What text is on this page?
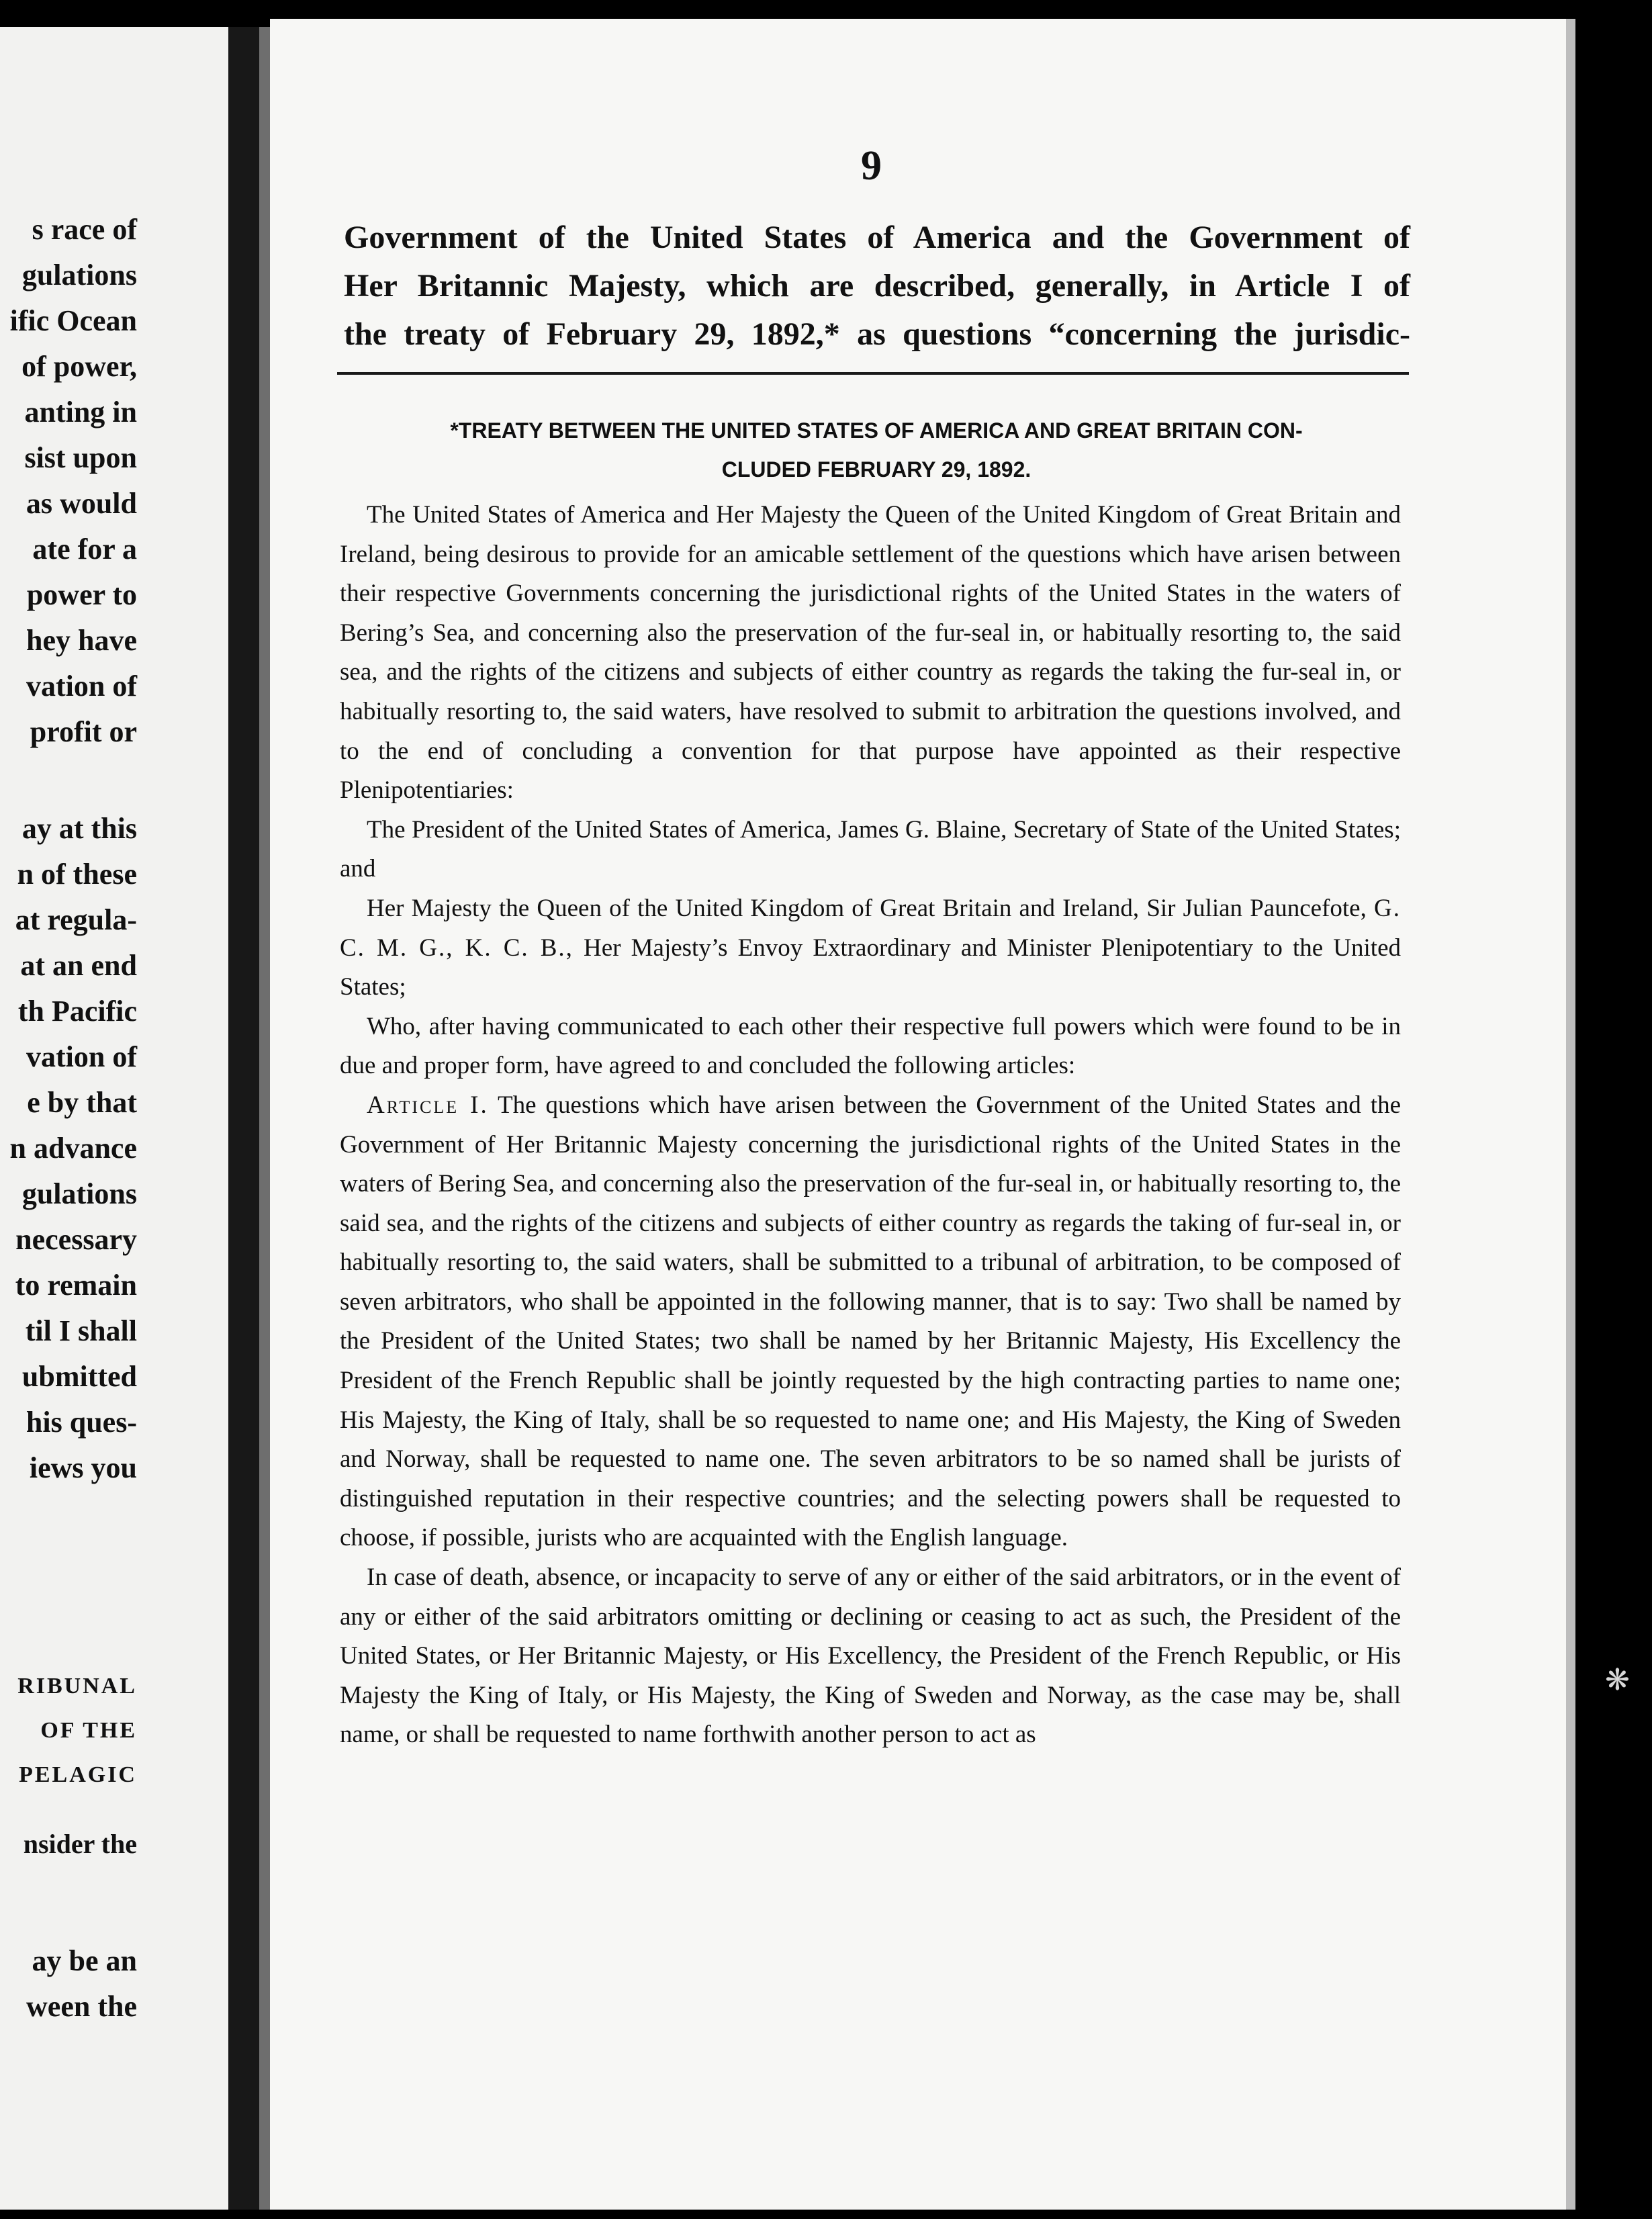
s race of
gulations
ific Ocean
of power,
anting in
sist upon
as would
ate for a
power to
hey have
vation of
profit or
ay at this
n of these
at regula-
at an end
th Pacific
vation of
e by that
n advance
gulations
necessary
to remain
til I shall
ubmitted
his ques-
iews you
RIBUNAL
OF THE
PELAGIC
nsider the
ay be an
ween the
❋
9
Government of the United States of America and the Government of
Her Britannic Majesty, which are described, generally, in Article I of
the treaty of February 29, 1892,* as questions “concerning the jurisdic-
*TREATY BETWEEN THE UNITED STATES OF AMERICA AND GREAT BRITAIN CON-
CLUDED FEBRUARY 29, 1892.

The United States of America and Her Majesty the Queen of the United Kingdom of Great Britain and Ireland, being desirous to provide for an amicable settlement of the questions which have arisen between their respective Governments concerning the jurisdictional rights of the United States in the waters of Bering’s Sea, and concerning also the preservation of the fur-seal in, or habitually resorting to, the said sea, and the rights of the citizens and subjects of either country as regards the taking the fur-seal in, or habitually resorting to, the said waters, have resolved to submit to arbitration the questions involved, and to the end of concluding a convention for that purpose have appointed as their respective Plenipotentiaries:

The President of the United States of America, James G. Blaine, Secretary of State of the United States; and

Her Majesty the Queen of the United Kingdom of Great Britain and Ireland, Sir Julian Pauncefote, G. C. M. G., K. C. B., Her Majesty’s Envoy Extraordinary and Minister Plenipotentiary to the United States;

Who, after having communicated to each other their respective full powers which were found to be in due and proper form, have agreed to and concluded the following articles:

Article I. The questions which have arisen between the Government of the United States and the Government of Her Britannic Majesty concerning the jurisdictional rights of the United States in the waters of Bering Sea, and concerning also the preservation of the fur-seal in, or habitually resorting to, the said sea, and the rights of the citizens and subjects of either country as regards the taking of fur-seal in, or habitually resorting to, the said waters, shall be submitted to a tribunal of arbitration, to be composed of seven arbitrators, who shall be appointed in the following manner, that is to say: Two shall be named by the President of the United States; two shall be named by her Britannic Majesty, His Excellency the President of the French Republic shall be jointly requested by the high contracting parties to name one; His Majesty, the King of Italy, shall be so requested to name one; and His Majesty, the King of Sweden and Norway, shall be requested to name one. The seven arbitrators to be so named shall be jurists of distinguished reputation in their respective countries; and the selecting powers shall be requested to choose, if possible, jurists who are acquainted with the English language.

In case of death, absence, or incapacity to serve of any or either of the said arbitrators, or in the event of any or either of the said arbitrators omitting or declining or ceasing to act as such, the President of the United States, or Her Britannic Majesty, or His Excellency, the President of the French Republic, or His Majesty the King of Italy, or His Majesty, the King of Sweden and Norway, as the case may be, shall name, or shall be requested to name forthwith another person to act as
